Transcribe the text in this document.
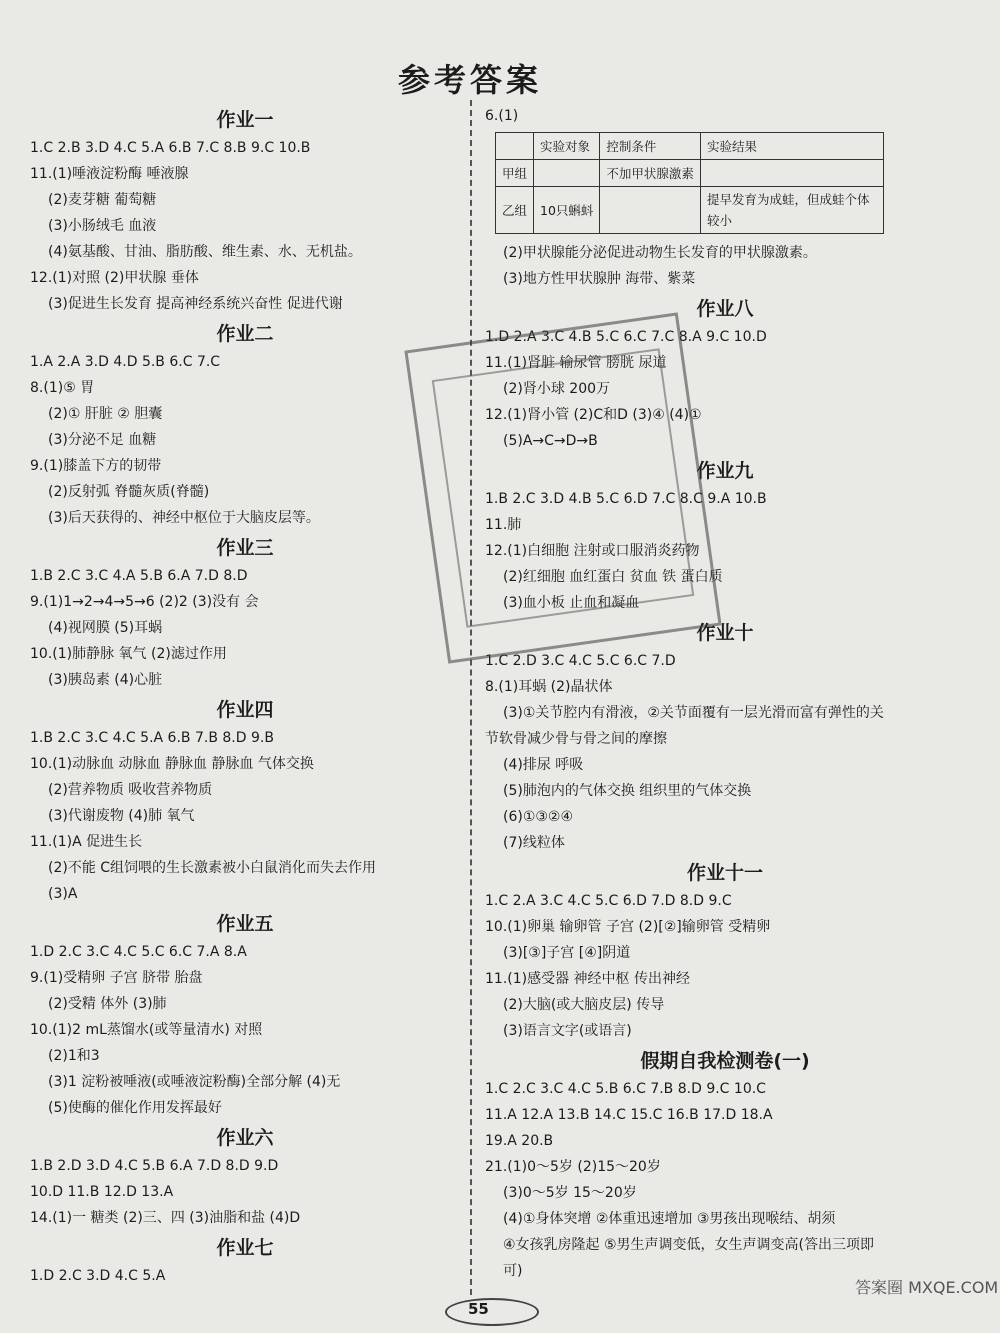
参考答案
作业一
1.C 2.B 3.D 4.C 5.A 6.B 7.C 8.B 9.C 10.B
11.(1)唾液淀粉酶 唾液腺
(2)麦芽糖 葡萄糖
(3)小肠绒毛 血液
(4)氨基酸、甘油、脂肪酸、维生素、水、无机盐。
12.(1)对照 (2)甲状腺 垂体
(3)促进生长发育 提高神经系统兴奋性 促进代谢
作业二
1.A 2.A 3.D 4.D 5.B 6.C 7.C
8.(1)⑤ 胃
(2)① 肝脏 ② 胆囊
(3)分泌不足 血糖
9.(1)膝盖下方的韧带
(2)反射弧 脊髓灰质(脊髓)
(3)后天获得的、神经中枢位于大脑皮层等。
作业三
1.B 2.C 3.C 4.A 5.B 6.A 7.D 8.D
9.(1)1→2→4→5→6 (2)2 (3)没有 会
(4)视网膜 (5)耳蜗
10.(1)肺静脉 氧气 (2)滤过作用
(3)胰岛素 (4)心脏
作业四
1.B 2.C 3.C 4.C 5.A 6.B 7.B 8.D 9.B
10.(1)动脉血 动脉血 静脉血 静脉血 气体交换
(2)营养物质 吸收营养物质
(3)代谢废物 (4)肺 氧气
11.(1)A 促进生长
(2)不能 C组饲喂的生长激素被小白鼠消化而失去作用
(3)A
作业五
1.D 2.C 3.C 4.C 5.C 6.C 7.A 8.A
9.(1)受精卵 子宫 脐带 胎盘
(2)受精 体外 (3)肺
10.(1)2 mL蒸馏水(或等量清水) 对照
(2)1和3
(3)1 淀粉被唾液(或唾液淀粉酶)全部分解 (4)无
(5)使酶的催化作用发挥最好
作业六
1.B 2.D 3.D 4.C 5.B 6.A 7.D 8.D 9.D
10.D 11.B 12.D 13.A
14.(1)一 糖类 (2)三、四 (3)油脂和盐 (4)D
作业七
1.D 2.C 3.D 4.C 5.A
6.(1)
	实验对象	控制条件	实验结果
甲组		不加甲状腺激素	
乙组	10只蝌蚪		提早发育为成蛙，但成蛙个体较小
(2)甲状腺能分泌促进动物生长发育的甲状腺激素。
(3)地方性甲状腺肿 海带、紫菜
作业八
1.D 2.A 3.C 4.B 5.C 6.C 7.C 8.A 9.C 10.D
11.(1)肾脏 输尿管 膀胱 尿道
(2)肾小球 200万
12.(1)肾小管 (2)C和D (3)④ (4)①
(5)A→C→D→B
作业九
1.B 2.C 3.D 4.B 5.C 6.D 7.C 8.C 9.A 10.B
11.肺
12.(1)白细胞 注射或口服消炎药物
(2)红细胞 血红蛋白 贫血 铁 蛋白质
(3)血小板 止血和凝血
作业十
1.C 2.D 3.C 4.C 5.C 6.C 7.D
8.(1)耳蜗 (2)晶状体
(3)①关节腔内有滑液，②关节面覆有一层光滑而富有弹性的关
节软骨减少骨与骨之间的摩擦
(4)排尿 呼吸
(5)肺泡内的气体交换 组织里的气体交换
(6)①③②④
(7)线粒体
作业十一
1.C 2.A 3.C 4.C 5.C 6.D 7.D 8.D 9.C
10.(1)卵巢 输卵管 子宫 (2)[②]输卵管 受精卵
(3)[③]子宫 [④]阴道
11.(1)感受器 神经中枢 传出神经
(2)大脑(或大脑皮层) 传导
(3)语言文字(或语言)
假期自我检测卷(一)
1.C 2.C 3.C 4.C 5.B 6.C 7.B 8.D 9.C 10.C
11.A 12.A 13.B 14.C 15.C 16.B 17.D 18.A
19.A 20.B
21.(1)0～5岁 (2)15～20岁
(3)0～5岁 15～20岁
(4)①身体突增 ②体重迅速增加 ③男孩出现喉结、胡须
④女孩乳房隆起 ⑤男生声调变低，女生声调变高(答出三项即
可)
55
答案圈 MXQE.COM
